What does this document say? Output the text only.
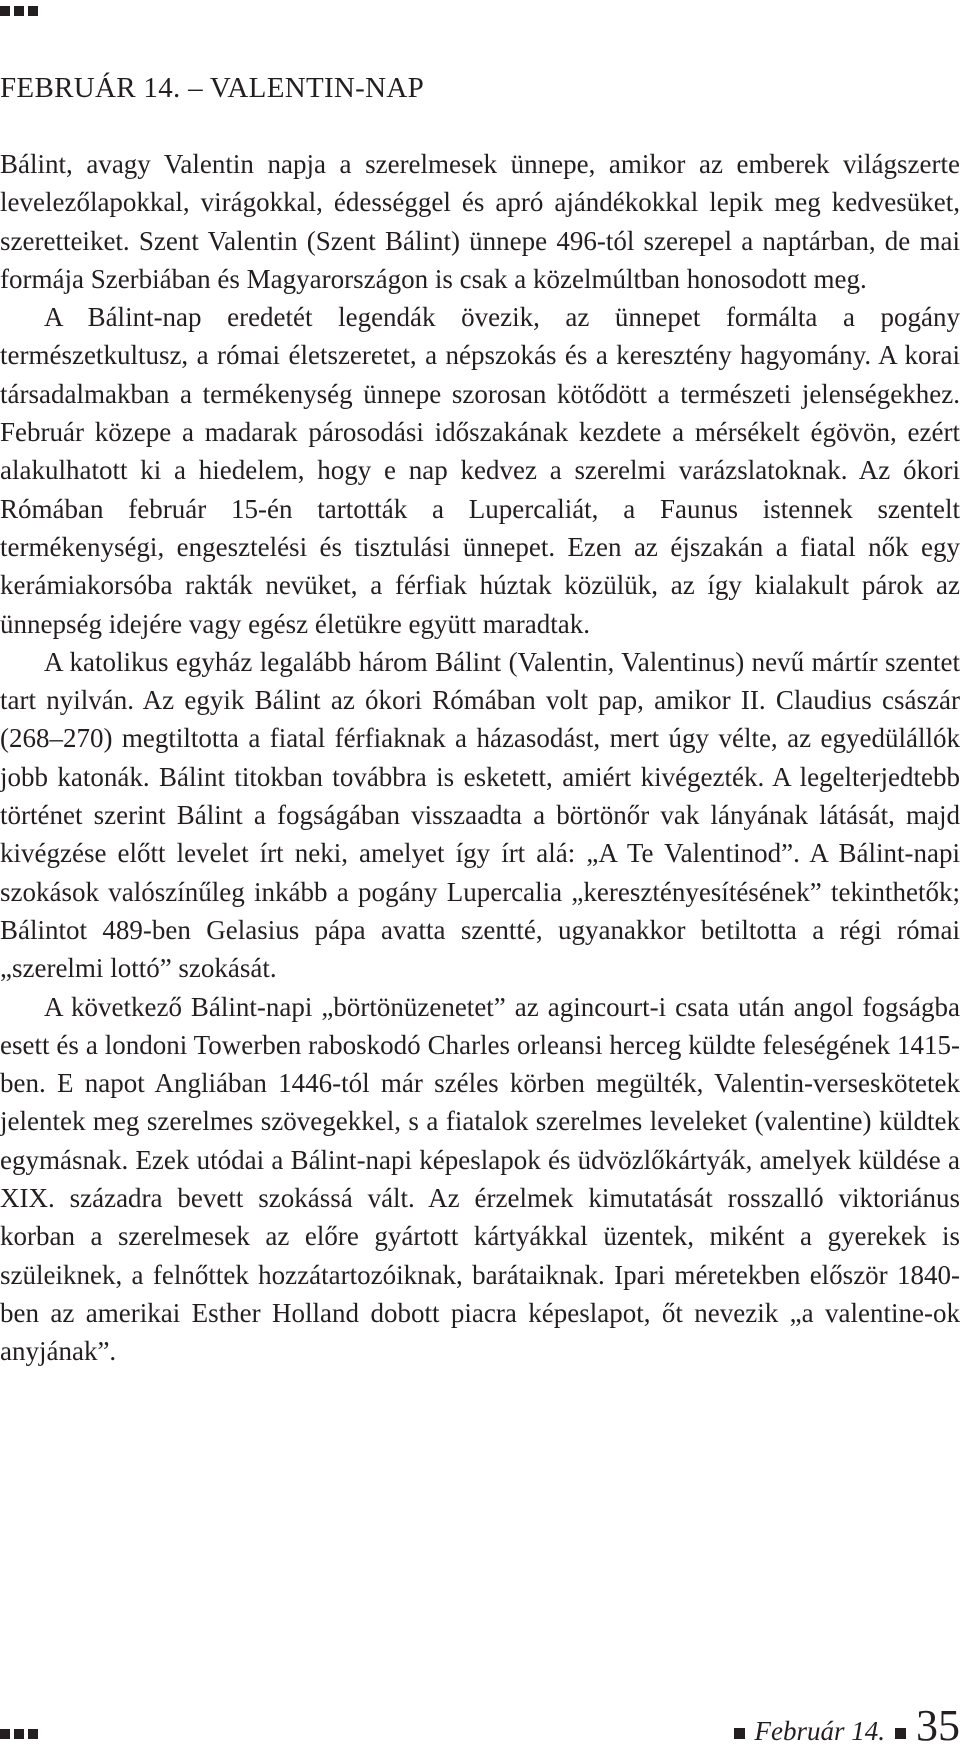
FEBRUÁR 14. – VALENTIN-NAP

Bálint, avagy Valentin napja a szerelmesek ünnepe, amikor az emberek világszerte levelezőlapokkal, virágokkal, édességgel és apró ajándékokkal lepik meg kedvesüket, szeretteiket. Szent Valentin (Szent Bálint) ünnepe 496-tól szerepel a naptárban, de mai formája Szerbiában és Magyarországon is csak a közelmúltban honosodott meg.

A Bálint-nap eredetét legendák övezik, az ünnepet formálta a pogány természetkultusz, a római életszeretet, a népszokás és a keresztény hagyomány. A korai társadalmakban a termékenység ünnepe szorosan kötődött a természeti jelenségekhez. Február közepe a madarak párosodási időszakának kezdete a mérsékelt égövön, ezért alakulhatott ki a hiedelem, hogy e nap kedvez a szerelmi varázslatoknak. Az ókori Rómában február 15-én tartották a Lupercaliát, a Faunus istennek szentelt termékenységi, engesztelési és tisztulási ünnepet. Ezen az éjszakán a fiatal nők egy kerámiakorsóba rakták nevüket, a férfiak húztak közülük, az így kialakult párok az ünnepség idejére vagy egész életükre együtt maradtak.

A katolikus egyház legalább három Bálint (Valentin, Valentinus) nevű mártír szentet tart nyilván. Az egyik Bálint az ókori Rómában volt pap, amikor II. Claudius császár (268–270) megtiltotta a fiatal férfiaknak a házasodást, mert úgy vélte, az egyedülállók jobb katonák. Bálint titokban továbbra is esketett, amiért kivégezték. A legelterjedtebb történet szerint Bálint a fogságában visszaadta a börtönőr vak lányának látását, majd kivégzése előtt levelet írt neki, amelyet így írt alá: „A Te Valentinod”. A Bálint-napi szokások valószínűleg inkább a pogány Lupercalia „keresztényesítésének” tekinthetők; Bálintot 489-ben Gelasius pápa avatta szentté, ugyanakkor betiltotta a régi római „szerelmi lottó” szokását.

A következő Bálint-napi „börtönüzenetet” az agincourt-i csata után angol fogságba esett és a londoni Towerben raboskodó Charles orleansi herceg küldte feleségének 1415-ben. E napot Angliában 1446-tól már széles körben megülték, Valentin-verseskötetek jelentek meg szerelmes szövegekkel, s a fiatalok szerelmes leveleket (valentine) küldtek egymásnak. Ezek utódai a Bálint-napi képeslapok és üdvözlőkártyák, amelyek küldése a XIX. századra bevett szokássá vált. Az érzelmek kimutatását rosszalló viktoriánus korban a szerelmesek az előre gyártott kártyákkal üzentek, miként a gyerekek is szüleiknek, a felnőttek hozzátartozóiknak, barátaiknak. Ipari méretekben először 1840-ben az amerikai Esther Holland dobott piacra képeslapot, őt nevezik „a valentine-ok anyjának”.

Február 14. 35
